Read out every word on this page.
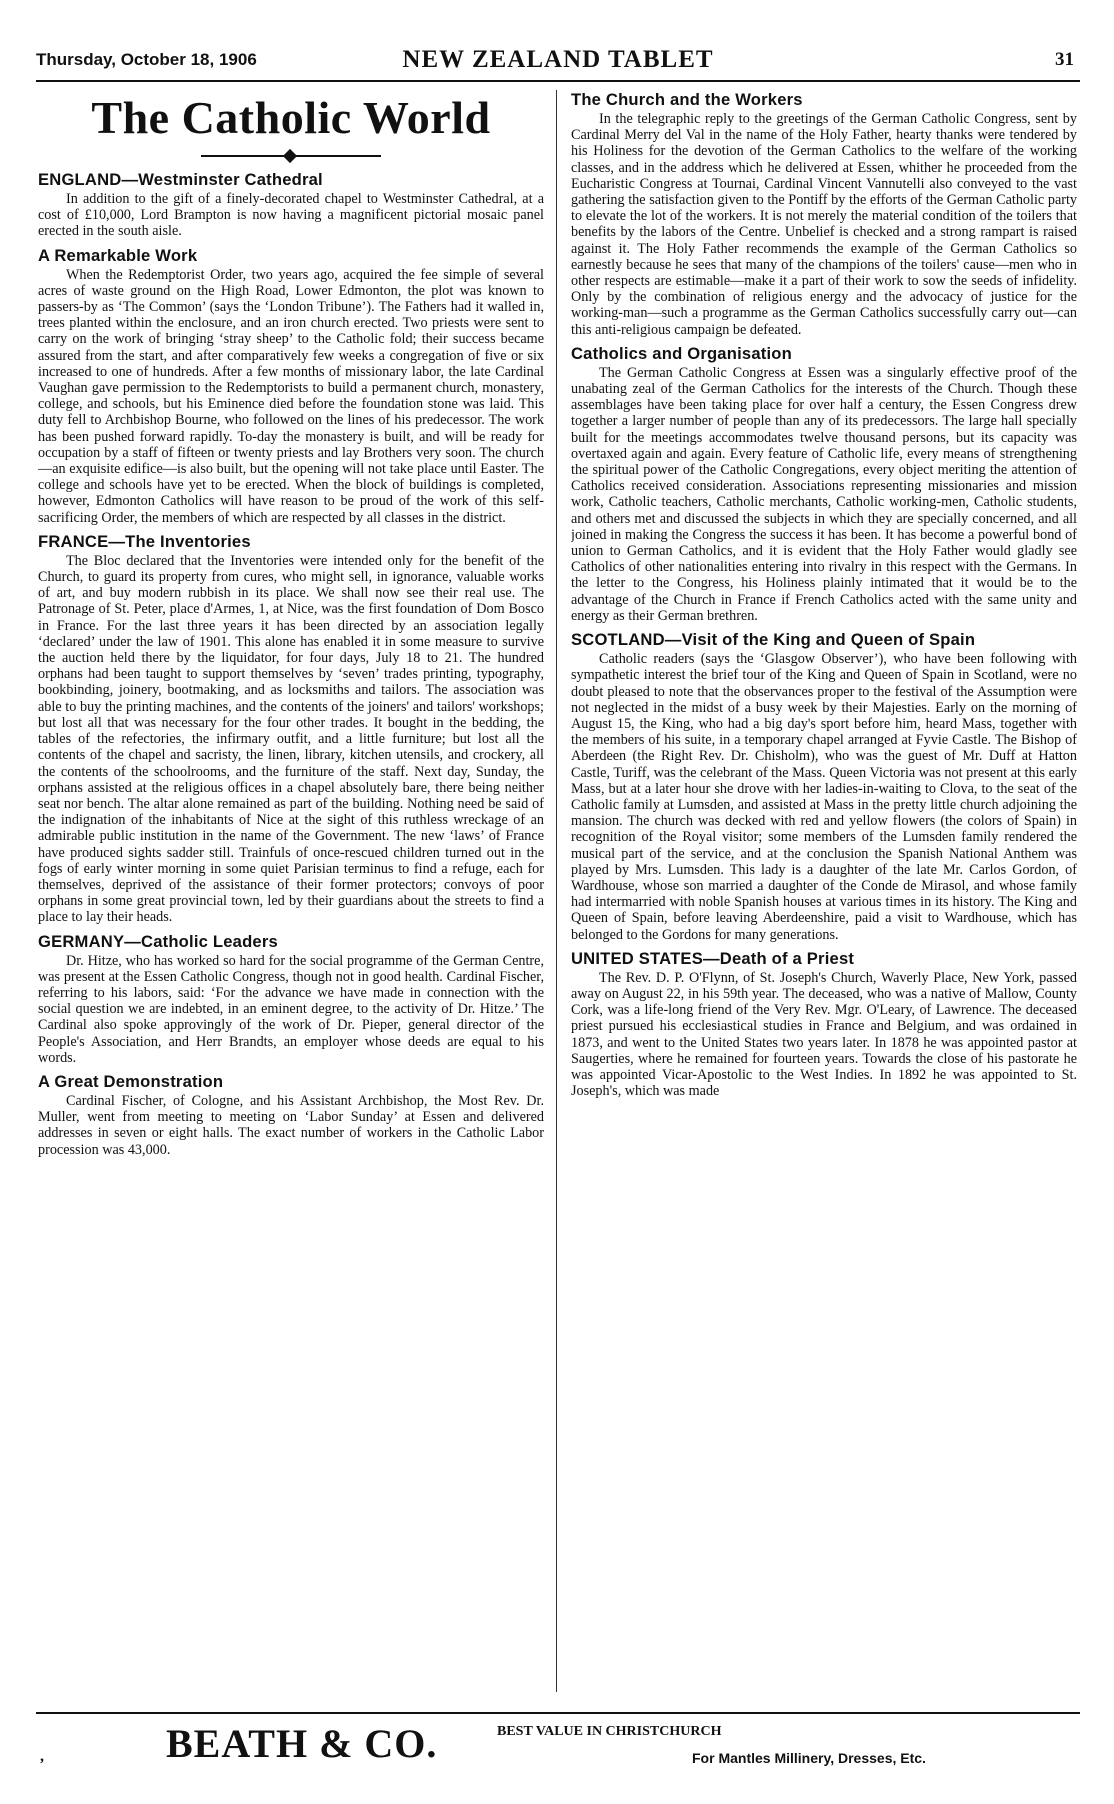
Thursday, October 18, 1906	NEW ZEALAND TABLET	31
The Catholic World
ENGLAND—Westminster Cathedral

In addition to the gift of a finely-decorated chapel to Westminster Cathedral, at a cost of £10,000, Lord Brampton is now having a magnificent pictorial mosaic panel erected in the south aisle.

A Remarkable Work

When the Redemptorist Order, two years ago, acquired the fee simple of several acres of waste ground on the High Road, Lower Edmonton, the plot was known to passers-by as ‘The Common’ (says the ‘London Tribune’). The Fathers had it walled in, trees planted within the enclosure, and an iron church erected. Two priests were sent to carry on the work of bringing ‘stray sheep’ to the Catholic fold; their success became assured from the start, and after comparatively few weeks a congregation of five or six increased to one of hundreds. After a few months of missionary labor, the late Cardinal Vaughan gave permission to the Redemptorists to build a permanent church, monastery, college, and schools, but his Eminence died before the foundation stone was laid. This duty fell to Archbishop Bourne, who followed on the lines of his predecessor. The work has been pushed forward rapidly. To-day the monastery is built, and will be ready for occupation by a staff of fifteen or twenty priests and lay Brothers very soon. The church—an exquisite edifice—is also built, but the opening will not take place until Easter. The college and schools have yet to be erected. When the block of buildings is completed, however, Edmonton Catholics will have reason to be proud of the work of this self-sacrificing Order, the members of which are respected by all classes in the district.

FRANCE—The Inventories

The Bloc declared that the Inventories were intended only for the benefit of the Church, to guard its property from cures, who might sell, in ignorance, valuable works of art, and buy modern rubbish in its place. We shall now see their real use. The Patronage of St. Peter, place d'Armes, 1, at Nice, was the first foundation of Dom Bosco in France. For the last three years it has been directed by an association legally ‘declared’ under the law of 1901. This alone has enabled it in some measure to survive the auction held there by the liquidator, for four days, July 18 to 21. The hundred orphans had been taught to support themselves by ‘seven’ trades printing, typography, bookbinding, joinery, bootmaking, and as locksmiths and tailors. The association was able to buy the printing machines, and the contents of the joiners' and tailors' workshops; but lost all that was necessary for the four other trades. It bought in the bedding, the tables of the refectories, the infirmary outfit, and a little furniture; but lost all the contents of the chapel and sacristy, the linen, library, kitchen utensils, and crockery, all the contents of the schoolrooms, and the furniture of the staff. Next day, Sunday, the orphans assisted at the religious offices in a chapel absolutely bare, there being neither seat nor bench. The altar alone remained as part of the building. Nothing need be said of the indignation of the inhabitants of Nice at the sight of this ruthless wreckage of an admirable public institution in the name of the Government. The new ‘laws’ of France have produced sights sadder still. Trainfuls of once-rescued children turned out in the fogs of early winter morning in some quiet Parisian terminus to find a refuge, each for themselves, deprived of the assistance of their former protectors; convoys of poor orphans in some great provincial town, led by their guardians about the streets to find a place to lay their heads.

GERMANY—Catholic Leaders

Dr. Hitze, who has worked so hard for the social programme of the German Centre, was present at the Essen Catholic Congress, though not in good health. Cardinal Fischer, referring to his labors, said: ‘For the advance we have made in connection with the social question we are indebted, in an eminent degree, to the activity of Dr. Hitze.’ The Cardinal also spoke approvingly of the work of Dr. Pieper, general director of the People's Association, and Herr Brandts, an employer whose deeds are equal to his words.

A Great Demonstration

Cardinal Fischer, of Cologne, and his Assistant Archbishop, the Most Rev. Dr. Muller, went from meeting to meeting on ‘Labor Sunday’ at Essen and delivered addresses in seven or eight halls. The exact number of workers in the Catholic Labor procession was 43,000.

The Church and the Workers

In the telegraphic reply to the greetings of the German Catholic Congress, sent by Cardinal Merry del Val in the name of the Holy Father, hearty thanks were tendered by his Holiness for the devotion of the German Catholics to the welfare of the working classes, and in the address which he delivered at Essen, whither he proceeded from the Eucharistic Congress at Tournai, Cardinal Vincent Vannutelli also conveyed to the vast gathering the satisfaction given to the Pontiff by the efforts of the German Catholic party to elevate the lot of the workers. It is not merely the material condition of the toilers that benefits by the labors of the Centre. Unbelief is checked and a strong rampart is raised against it. The Holy Father recommends the example of the German Catholics so earnestly because he sees that many of the champions of the toilers' cause—men who in other respects are estimable—make it a part of their work to sow the seeds of infidelity. Only by the combination of religious energy and the advocacy of justice for the working-man—such a programme as the German Catholics successfully carry out—can this anti-religious campaign be defeated.

Catholics and Organisation

The German Catholic Congress at Essen was a singularly effective proof of the unabating zeal of the German Catholics for the interests of the Church. Though these assemblages have been taking place for over half a century, the Essen Congress drew together a larger number of people than any of its predecessors. The large hall specially built for the meetings accommodates twelve thousand persons, but its capacity was overtaxed again and again. Every feature of Catholic life, every means of strengthening the spiritual power of the Catholic Congregations, every object meriting the attention of Catholics received consideration. Associations representing missionaries and mission work, Catholic teachers, Catholic merchants, Catholic working-men, Catholic students, and others met and discussed the subjects in which they are specially concerned, and all joined in making the Congress the success it has been. It has become a powerful bond of union to German Catholics, and it is evident that the Holy Father would gladly see Catholics of other nationalities entering into rivalry in this respect with the Germans. In the letter to the Congress, his Holiness plainly intimated that it would be to the advantage of the Church in France if French Catholics acted with the same unity and energy as their German brethren.

SCOTLAND—Visit of the King and Queen of Spain

Catholic readers (says the ‘Glasgow Observer’), who have been following with sympathetic interest the brief tour of the King and Queen of Spain in Scotland, were no doubt pleased to note that the observances proper to the festival of the Assumption were not neglected in the midst of a busy week by their Majesties. Early on the morning of August 15, the King, who had a big day's sport before him, heard Mass, together with the members of his suite, in a temporary chapel arranged at Fyvie Castle. The Bishop of Aberdeen (the Right Rev. Dr. Chisholm), who was the guest of Mr. Duff at Hatton Castle, Turiff, was the celebrant of the Mass. Queen Victoria was not present at this early Mass, but at a later hour she drove with her ladies-in-waiting to Clova, to the seat of the Catholic family at Lumsden, and assisted at Mass in the pretty little church adjoining the mansion. The church was decked with red and yellow flowers (the colors of Spain) in recognition of the Royal visitor; some members of the Lumsden family rendered the musical part of the service, and at the conclusion the Spanish National Anthem was played by Mrs. Lumsden. This lady is a daughter of the late Mr. Carlos Gordon, of Wardhouse, whose son married a daughter of the Conde de Mirasol, and whose family had intermarried with noble Spanish houses at various times in its history. The King and Queen of Spain, before leaving Aberdeenshire, paid a visit to Wardhouse, which has belonged to the Gordons for many generations.

UNITED STATES—Death of a Priest

The Rev. D. P. O'Flynn, of St. Joseph's Church, Waverly Place, New York, passed away on August 22, in his 59th year. The deceased, who was a native of Mallow, County Cork, was a life-long friend of the Very Rev. Mgr. O'Leary, of Lawrence. The deceased priest pursued his ecclesiastical studies in France and Belgium, and was ordained in 1873, and went to the United States two years later. In 1878 he was appointed pastor at Saugerties, where he remained for fourteen years. Towards the close of his pastorate he was appointed Vicar-Apostolic to the West Indies. In 1892 he was appointed to St. Joseph's, which was made

,	BEATH & CO.	BEST VALUE IN CHRISTCHURCH
For Mantles Millinery, Dresses, Etc.
